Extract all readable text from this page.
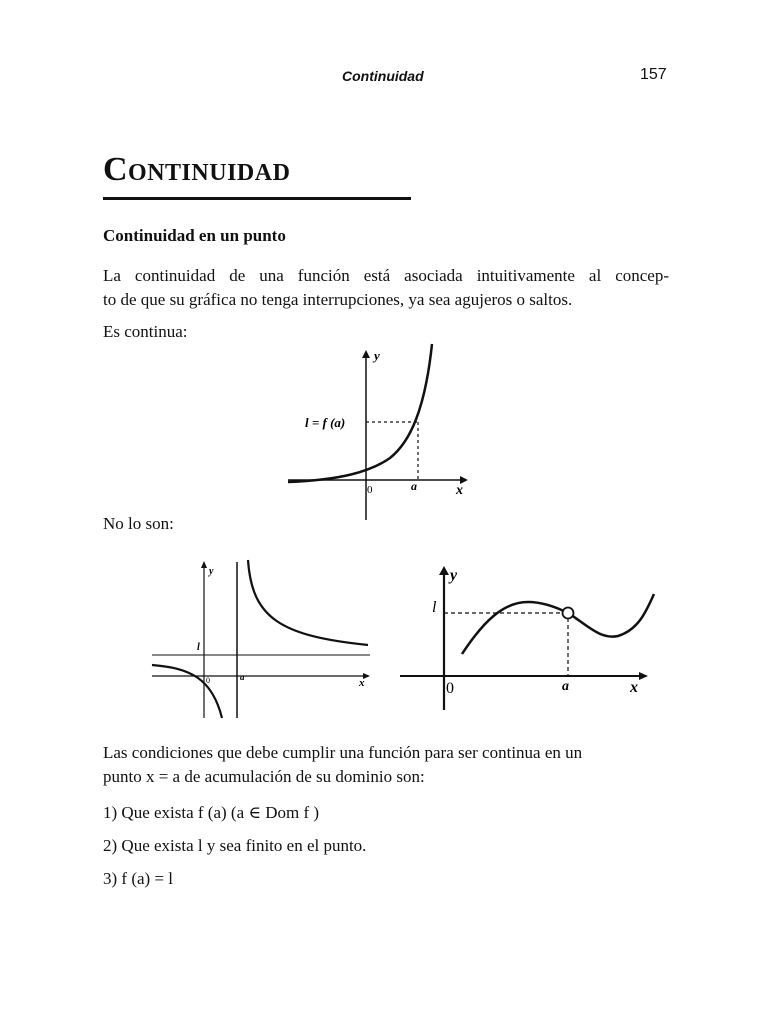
Continuidad	157
Continuidad
Continuidad en un punto
La continuidad de una función está asociada intuitivamente al concep-
to de que su gráfica no tenga interrupciones, ya sea agujeros o saltos.
Es continua:
y
x
0	a
l = f (a)
No lo son:
y
x
0	a
l
y
x
0	a
l
Las condiciones que debe cumplir una función para ser continua en un
punto x = a de acumulación de su dominio son:
1) Que exista f (a) (a ∈ Dom f )
2) Que exista l y sea finito en el punto.
3) f (a) = l
